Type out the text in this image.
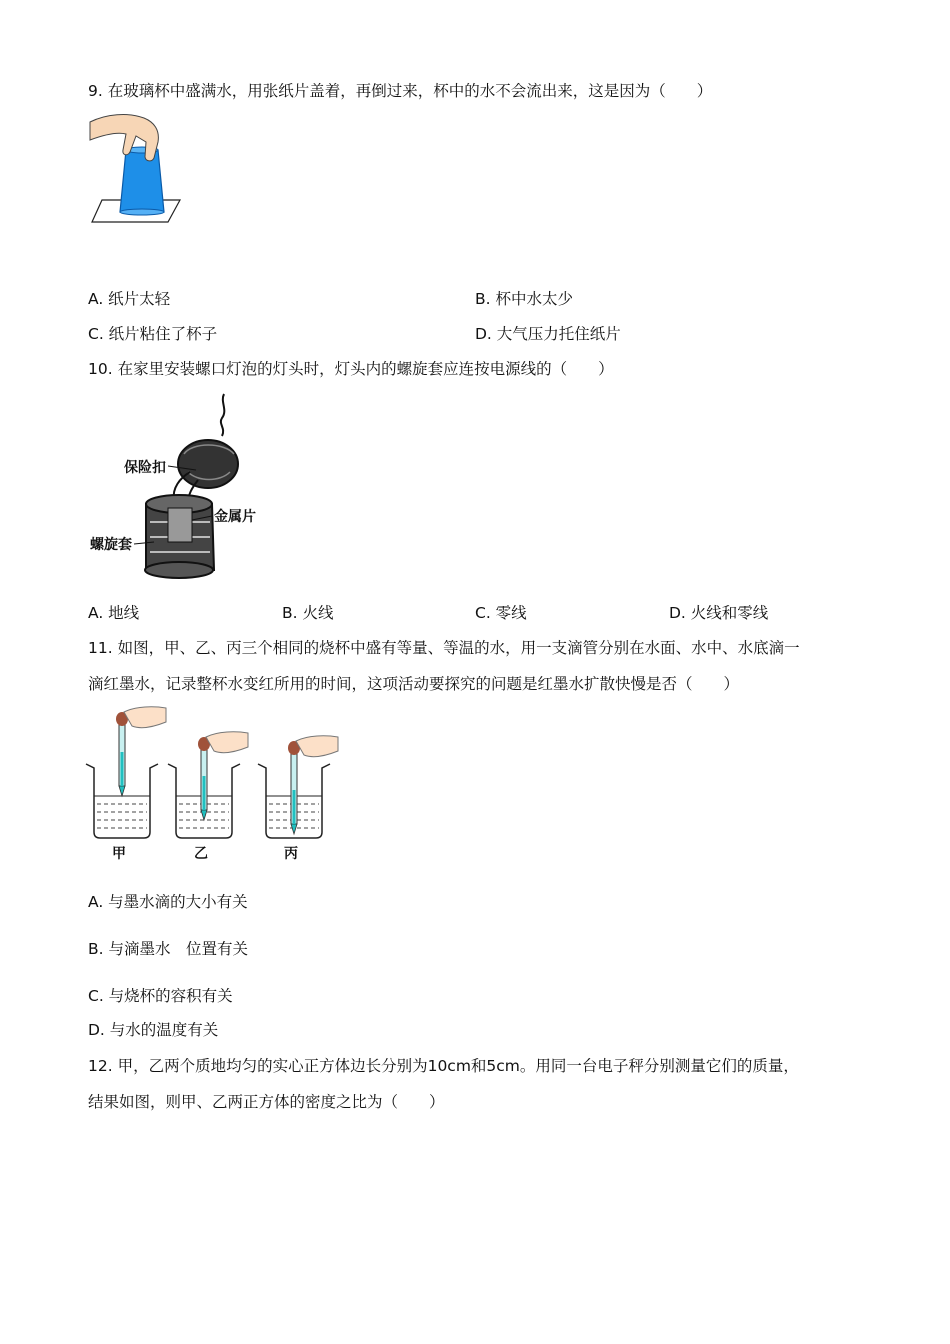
9. 在玻璃杯中盛满水，用张纸片盖着，再倒过来，杯中的水不会流出来，这是因为（　　）
A. 纸片太轻	B. 杯中水太少
C. 纸片粘住了杯子	D. 大气压力托住纸片
10. 在家里安装螺口灯泡的灯头时，灯头内的螺旋套应连按电源线的（　　）
保险扣
金属片
螺旋套
A. 地线	B. 火线	C. 零线	D. 火线和零线
11. 如图，甲、乙、丙三个相同的烧杯中盛有等量、等温的水，用一支滴管分别在水面、水中、水底滴一
滴红墨水，记录整杯水变红所用的时间，这项活动要探究的问题是红墨水扩散快慢是否（　　）
甲	乙	丙
A. 与墨水滴的大小有关
B. 与滴墨水　位置有关
C. 与烧杯的容积有关
D. 与水的温度有关
12. 甲，乙两个质地均匀的实心正方体边长分别为10cm和5cm。用同一台电子秤分别测量它们的质量，
结果如图，则甲、乙两正方体的密度之比为（　　）
